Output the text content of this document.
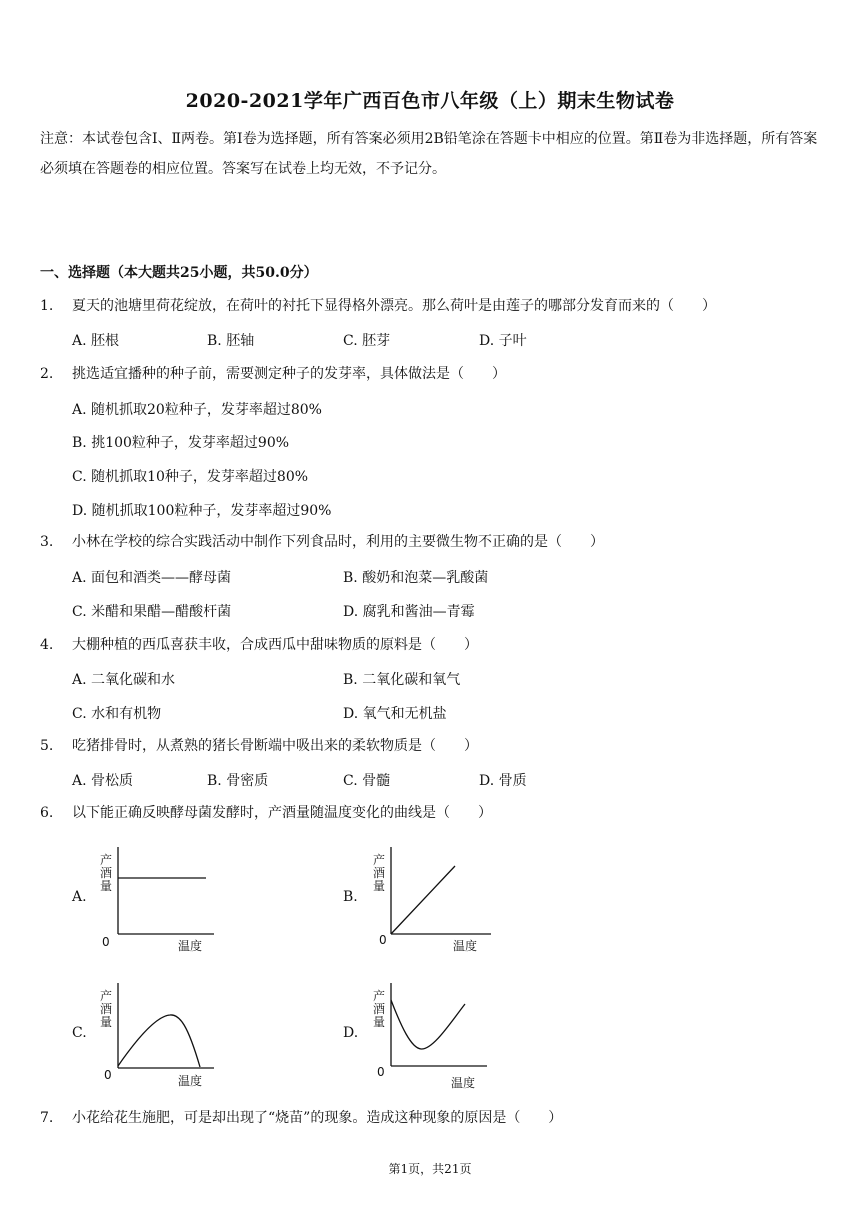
2020-2021学年广西百色市八年级（上）期末生物试卷
注意：本试卷包含Ⅰ、Ⅱ两卷。第Ⅰ卷为选择题，所有答案必须用2B铅笔涂在答题卡中相应的位置。第Ⅱ卷为非选择题，所有答案必须填在答题卷的相应位置。答案写在试卷上均无效，不予记分。
一、选择题（本大题共25小题，共50.0分）
1. 夏天的池塘里荷花绽放，在荷叶的衬托下显得格外漂亮。那么荷叶是由莲子的哪部分发育而来的（　　）
A. 胚根	B. 胚轴	C. 胚芽	D. 子叶
2. 挑选适宜播种的种子前，需要测定种子的发芽率，具体做法是（　　）
A. 随机抓取20粒种子，发芽率超过80%
B. 挑100粒种子，发芽率超过90%
C. 随机抓取10种子，发芽率超过80%
D. 随机抓取100粒种子，发芽率超过90%
3. 小林在学校的综合实践活动中制作下列食品时，利用的主要微生物不正确的是（　　）
A. 面包和酒类——酵母菌	B. 酸奶和泡菜—乳酸菌
C. 米醋和果醋—醋酸杆菌	D. 腐乳和酱油—青霉
4. 大棚种植的西瓜喜获丰收，合成西瓜中甜味物质的原料是（　　）
A. 二氧化碳和水	B. 二氧化碳和氧气
C. 水和有机物	D. 氧气和无机盐
5. 吃猪排骨时，从煮熟的猪长骨断端中吸出来的柔软物质是（　　）
A. 骨松质	B. 骨密质	C. 骨髓	D. 骨质
6. 以下能正确反映酵母菌发酵时，产酒量随温度变化的曲线是（　　）
A.	B.
C.	D.
产
酒
量
0	温度
产
酒
量
0	温度
产
酒
量
0	温度
产
酒
量
0
温度
7. 小花给花生施肥，可是却出现了“烧苗”的现象。造成这种现象的原因是（　　）
第1页，共21页
